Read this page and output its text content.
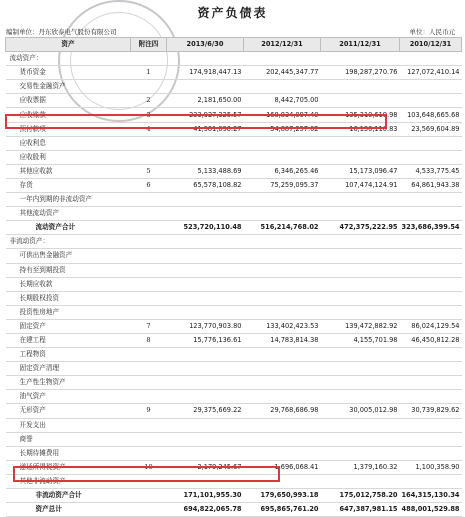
资产负债表
编制单位：丹东欣泰电气股份有限公司	单位：人民币元
资产	附注四	2013/6/30	2012/12/31	2011/12/31	2010/12/31
流动资产：					
货币资金	1	174,918,447.13	202,445,347.77	198,287,270.76	127,072,410.14
交易性金融资产					
应收票据	2	2,181,650.00	8,442,705.00		
应收账款	3	233,927,325.57	168,834,097.40	135,310,619.98	103,648,665.68
预付款项	4	41,981,090.27	54,887,257.02	16,130,110.83	23,569,604.89
应收利息					
应收股利					
其他应收款	5	5,133,488.69	6,346,265.46	15,173,096.47	4,533,775.45
存货	6	65,578,108.82	75,259,095.37	107,474,124.91	64,861,943.38
一年内到期的非流动资产					
其他流动资产					
流动资产合计		523,720,110.48	516,214,768.02	472,375,222.95	323,686,399.54
非流动资产：					
可供出售金融资产					
持有至到期投资					
长期应收款					
长期股权投资					
投资性房地产					
固定资产	7	123,770,903.80	133,402,423.53	139,472,882.92	86,024,129.54
在建工程	8	15,776,136.61	14,783,814.38	4,155,701.98	46,450,812.28
工程物资					
固定资产清理					
生产性生物资产					
油气资产					
无形资产	9	29,375,669.22	29,768,686.98	30,005,012.98	30,739,829.62
开发支出					
商誉					
长期待摊费用					
递延所得税资产	10	2,179,245.67	1,696,068.41	1,379,160.32	1,100,358.90
其他非流动资产					
非流动资产合计		171,101,955.30	179,650,993.18	175,012,758.20	164,315,130.34
资产总计		694,822,065.78	695,865,761.20	647,387,981.15	488,001,529.88
